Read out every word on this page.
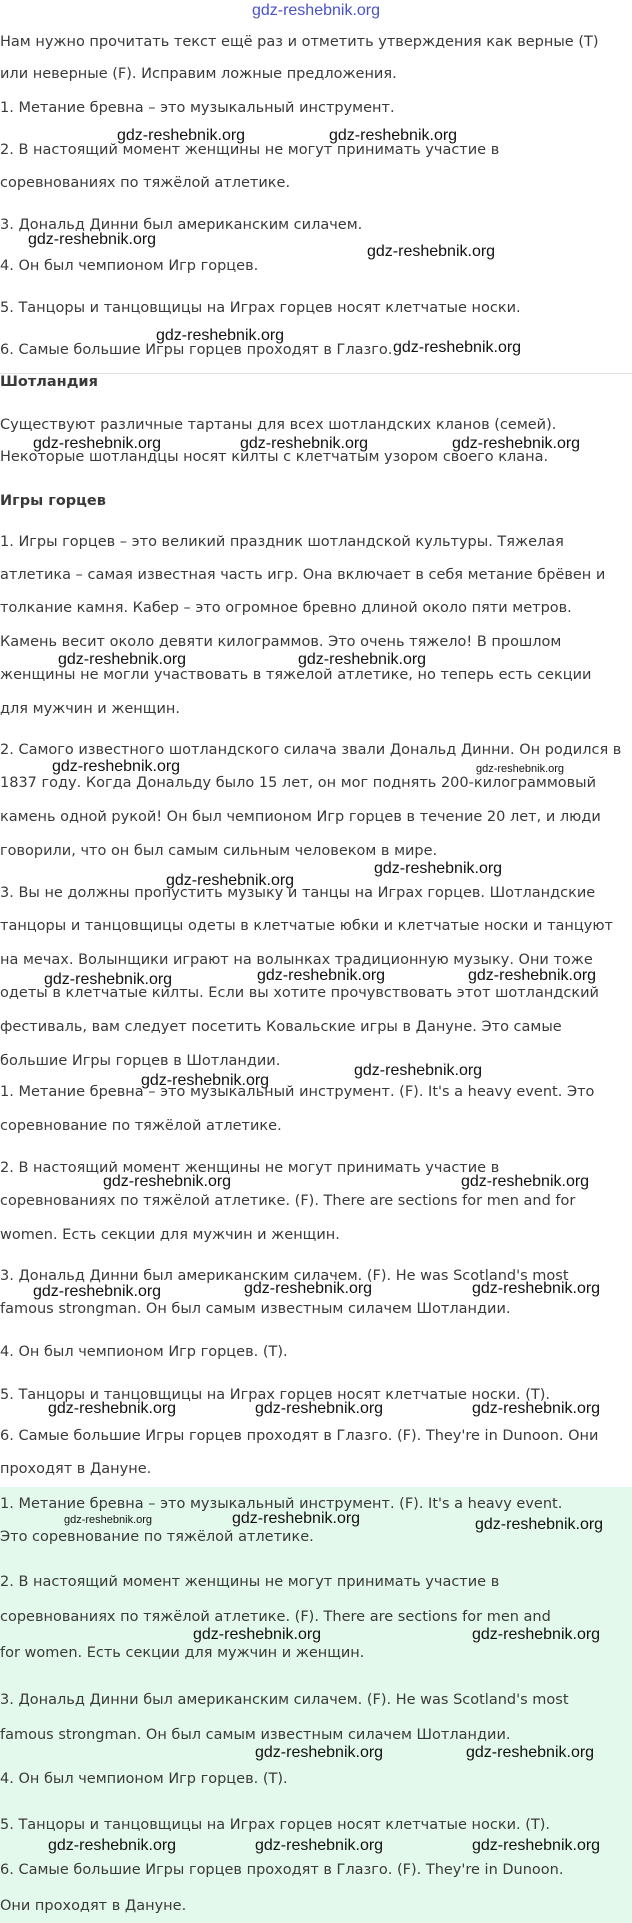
gdz-reshebnik.org
Нам нужно прочитать текст ещё раз и отметить утверждения как верные (T)
или неверные (F). Исправим ложные предложения.
1. Метание бревна – это музыкальный инструмент.
2. В настоящий момент женщины не могут принимать участие в
соревнованиях по тяжёлой атлетике.
3. Дональд Динни был американским силачем.
4. Он был чемпионом Игр горцев.
5. Танцоры и танцовщицы на Играх горцев носят клетчатые носки.
6. Самые большие Игры горцев проходят в Глазго.
Шотландия
Существуют различные тартаны для всех шотландских кланов (семей).
Некоторые шотландцы носят килты с клетчатым узором своего клана.
Игры горцев
1. Игры горцев – это великий праздник шотландской культуры. Тяжелая
атлетика – самая известная часть игр. Она включает в себя метание брёвен и
толкание камня. Кабер – это огромное бревно длиной около пяти метров.
Камень весит около девяти килограммов. Это очень тяжело! В прошлом
женщины не могли участвовать в тяжелой атлетике, но теперь есть секции
для мужчин и женщин.
2. Самого известного шотландского силача звали Дональд Динни. Он родился в
1837 году. Когда Дональду было 15 лет, он мог поднять 200-килограммовый
камень одной рукой! Он был чемпионом Игр горцев в течение 20 лет, и люди
говорили, что он был самым сильным человеком в мире.
3. Вы не должны пропустить музыку и танцы на Играх горцев. Шотландские
танцоры и танцовщицы одеты в клетчатые юбки и клетчатые носки и танцуют
на мечах. Волынщики играют на волынках традиционную музыку. Они тоже
одеты в клетчатые килты. Если вы хотите прочувствовать этот шотландский
фестиваль, вам следует посетить Ковальские игры в Дануне. Это самые
большие Игры горцев в Шотландии.
1. Метание бревна – это музыкальный инструмент. (F). It's a heavy event. Это
соревнование по тяжёлой атлетике.
2. В настоящий момент женщины не могут принимать участие в
соревнованиях по тяжёлой атлетике. (F). There are sections for men and for
women. Есть секции для мужчин и женщин.
3. Дональд Динни был американским силачем. (F). He was Scotland's most
famous strongman. Он был самым известным силачем Шотландии.
4. Он был чемпионом Игр горцев. (T).
5. Танцоры и танцовщицы на Играх горцев носят клетчатые носки. (T).
6. Самые большие Игры горцев проходят в Глазго. (F). They're in Dunoon. Они
проходят в Дануне.
1. Метание бревна – это музыкальный инструмент. (F). It's a heavy event.
Это соревнование по тяжёлой атлетике.
2. В настоящий момент женщины не могут принимать участие в
соревнованиях по тяжёлой атлетике. (F). There are sections for men and
for women. Есть секции для мужчин и женщин.
3. Дональд Динни был американским силачем. (F). He was Scotland's most
famous strongman. Он был самым известным силачем Шотландии.
4. Он был чемпионом Игр горцев. (T).
5. Танцоры и танцовщицы на Играх горцев носят клетчатые носки. (T).
6. Самые большие Игры горцев проходят в Глазго. (F). They're in Dunoon.
Они проходят в Дануне.
gdz-reshebnik.org	gdz-reshebnik.org
gdz-reshebnik.org
gdz-reshebnik.org
gdz-reshebnik.org
gdz-reshebnik.org
gdz-reshebnik.org	gdz-reshebnik.org	gdz-reshebnik.org
gdz-reshebnik.org	gdz-reshebnik.org
gdz-reshebnik.org	gdz-reshebnik.org
gdz-reshebnik.org
gdz-reshebnik.org
gdz-reshebnik.org	gdz-reshebnik.org	gdz-reshebnik.org
gdz-reshebnik.org
gdz-reshebnik.org
gdz-reshebnik.org	gdz-reshebnik.org
gdz-reshebnik.org	gdz-reshebnik.org	gdz-reshebnik.org
gdz-reshebnik.org	gdz-reshebnik.org	gdz-reshebnik.org
gdz-reshebnik.org	gdz-reshebnik.org	gdz-reshebnik.org
gdz-reshebnik.org	gdz-reshebnik.org
gdz-reshebnik.org	gdz-reshebnik.org
gdz-reshebnik.org	gdz-reshebnik.org	gdz-reshebnik.org
